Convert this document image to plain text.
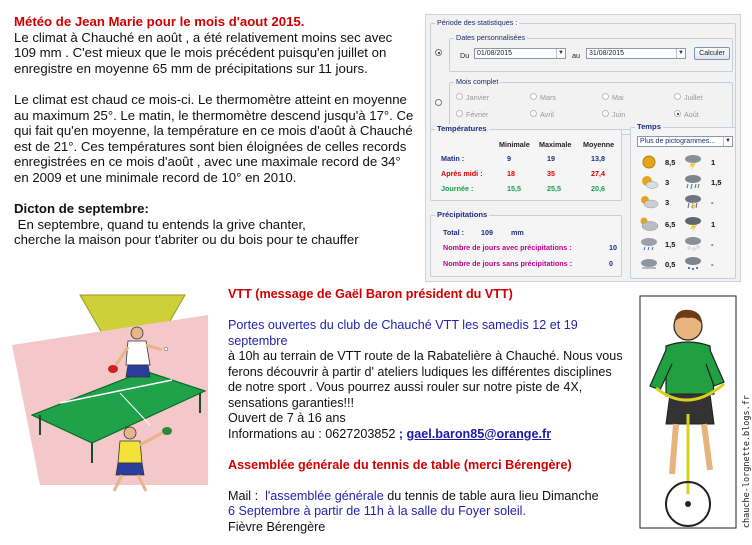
Météo de Jean Marie pour le mois d'aout 2015.

Le climat à Chauché en août , a été relativement moins sec avec 109 mm . C'est mieux que le mois précédent puisqu'en juillet on enregistre en moyenne 65 mm de précipitations sur 11 jours.

Le climat est chaud ce mois-ci. Le thermomètre atteint en moyenne au maximum 25°. Le matin, le thermomètre descend jusqu'à 17°. Ce qui fait qu'en moyenne, la température en ce mois d'août à Chauché est de 21°. Ces températures sont bien éloignées de celles records enregistrées en ce mois d'août , avec une maximale record de 34° en 2009 et une minimale record de 10° en 2010.

Dicton de septembre:
En septembre, quand tu entends la grive chanter,
cherche la maison pour t'abriter ou du bois pour te chauffer
Période des statistiques :
Dates personnalisées
Du	01/08/2015	▼ au	31/08/2015	▼	Calculer
Mois complet
Janvier	Mars	Mai	Juillet
Février	Avril	Juin	Août
Températures
Minimale Maximale Moyenne
Matin :	9	19	13,8
Après midi :	18	35	27,4
Journée :	15,5	25,5	20,6
Précipitations
Total : 109	mm
Nombre de jours avec précipitations :	10
Nombre de jours sans précipitations :	0
Temps
Plus de pictogrammes...	▼
8,5	1
3	1,5
3	-
6,5	1
1,5	-
0,5	-

VTT (message de Gaël Baron président du VTT)

Portes ouvertes du club de Chauché VTT les samedis 12 et 19 septembre
à 10h au terrain de VTT route de la Rabatelière à Chauché. Nous vous ferons découvrir à partir d' ateliers ludiques les différentes disciplines de notre sport . Vous pourrez aussi rouler sur notre piste de 4X, sensations garanties!!!
Ouvert de 7 à 16 ans

Informations au : 0627203852 ; gael.baron85@orange.fr

Assemblée générale du tennis de table (merci Bérengère)

Mail :  l'assemblée générale du tennis de table aura lieu Dimanche
6 Septembre à partir de 11h à la salle du Foyer soleil.
Fièvre Bérengère	chauche-lorgnette.blogs.fr
